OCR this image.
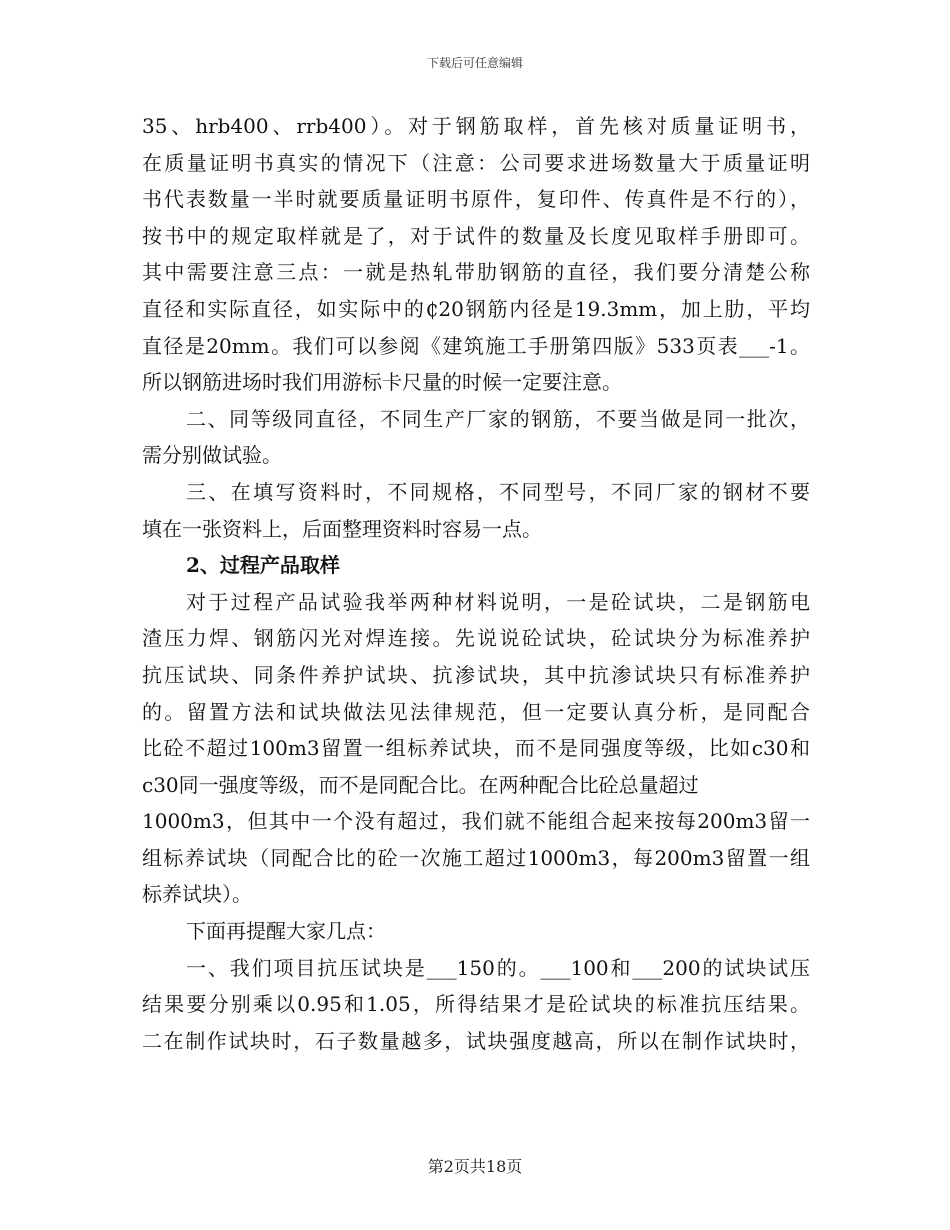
下载后可任意编辑
35、hrb400、rrb400）。对于钢筋取样，首先核对质量证明书，
在质量证明书真实的情况下（注意：公司要求进场数量大于质量证明
书代表数量一半时就要质量证明书原件，复印件、传真件是不行的），
按书中的规定取样就是了，对于试件的数量及长度见取样手册即可。
其中需要注意三点：一就是热轧带肋钢筋的直径，我们要分清楚公称
直径和实际直径，如实际中的₵20钢筋内径是19.3mm，加上肋，平均
直径是20mm。我们可以参阅《建筑施工手册第四版》533页表___-1。
所以钢筋进场时我们用游标卡尺量的时候一定要注意。
二、同等级同直径，不同生产厂家的钢筋，不要当做是同一批次，
需分别做试验。
三、在填写资料时，不同规格，不同型号，不同厂家的钢材不要
填在一张资料上，后面整理资料时容易一点。
2、过程产品取样
对于过程产品试验我举两种材料说明，一是砼试块，二是钢筋电
渣压力焊、钢筋闪光对焊连接。先说说砼试块，砼试块分为标准养护
抗压试块、同条件养护试块、抗渗试块，其中抗渗试块只有标准养护
的。留置方法和试块做法见法律规范，但一定要认真分析，是同配合
比砼不超过100m3留置一组标养试块，而不是同强度等级，比如c30和
c30同一强度等级，而不是同配合比。在两种配合比砼总量超过
1000m3，但其中一个没有超过，我们就不能组合起来按每200m3留一
组标养试块（同配合比的砼一次施工超过1000m3，每200m3留置一组
标养试块）。
下面再提醒大家几点：
一、我们项目抗压试块是___150的。___100和___200的试块试压
结果要分别乘以0.95和1.05，所得结果才是砼试块的标准抗压结果。
二在制作试块时，石子数量越多，试块强度越高，所以在制作试块时，
第2页共18页
